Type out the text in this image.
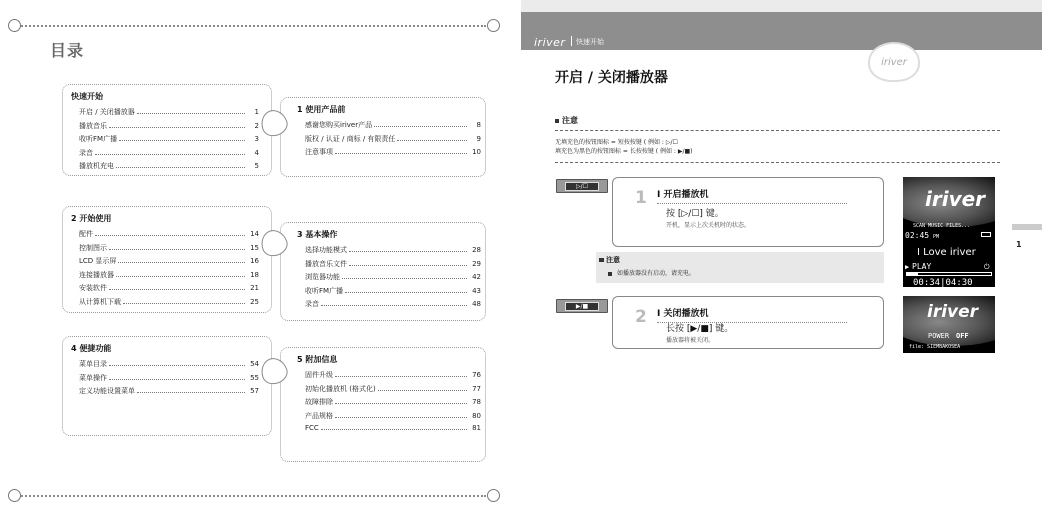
目录
快速开始
开启 / 关闭播放器	1
播放音乐	2
收听FM广播	3
录音	4
播放机充电	5
1 使用产品前
感谢您购买iriver产品	8
版权 / 认证 / 商标 / 有限责任	9
注意事项	10
2 开始使用
配件	14
控制图示	15
LCD 显示屏	16
连接播放器	18
安装软件	21
从计算机下载	25
3 基本操作
选择功能模式	28
播放音乐文件	29
浏览器功能	42
收听FM广播	43
录音	48
4 便捷功能
菜单目录	54
菜单操作	55
定义功能设置菜单	57
5 附加信息
固件升级	76
初始化播放机 (格式化)	77
故障排除	78
产品规格	80
FCC	81
iriver 快速开始
iriver
开启 / 关闭播放器
注意
无填充色的按钮图标 = 短按按键 ( 例如 : ▷/☐
填充色为黑色的按钮图标 = 长按按键 ( 例如 : ▶/■)
▷/☐
1 I 开启播放机
按 [▷/☐] 键。
开机，显示上次关机时的状态。
iriver
SCAN MUSIC FILES...
02:45 PM
I Love iriver
▶ PLAY	⏻
00:34|04:30
注意
如播放器没有启动，请充电。
▶/■
2 I 关闭播放机
长按 [▶/■] 键。
播放器将被关闭。
iriver
POWER OFF
file: SIEMBAKOSEA
1
